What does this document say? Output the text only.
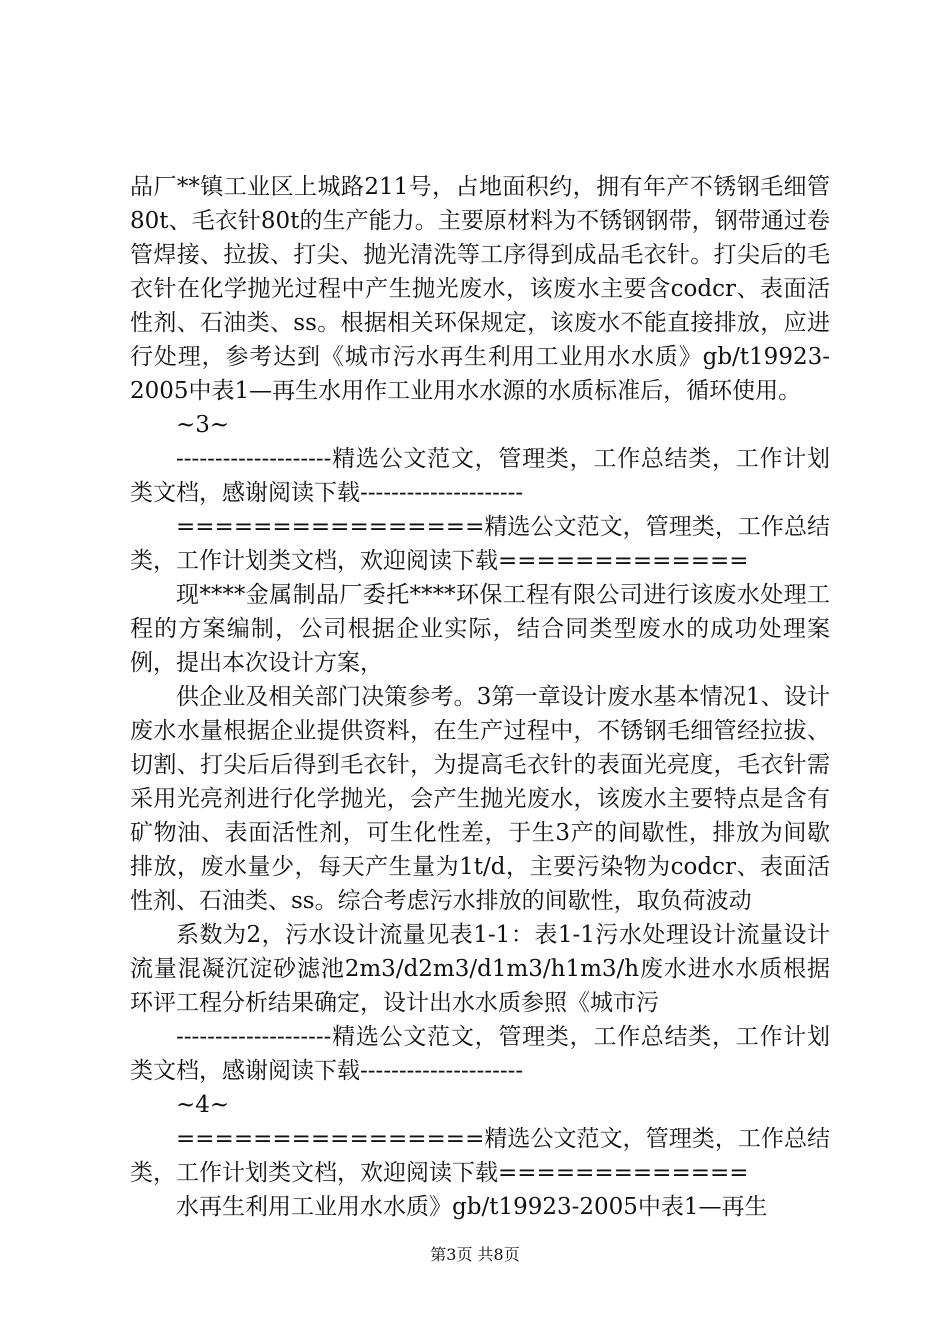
品厂**镇工业区上城路211号，占地面积约，拥有年产不锈钢毛细管80t、毛衣针80t的生产能力。主要原材料为不锈钢钢带，钢带通过卷管焊接、拉拔、打尖、抛光清洗等工序得到成品毛衣针。打尖后的毛衣针在化学抛光过程中产生抛光废水，该废水主要含codcr、表面活性剂、石油类、ss。根据相关环保规定，该废水不能直接排放，应进行处理，参考达到《城市污水再生利用工业用水水质》gb/t19923-2005中表1—再生水用作工业用水水源的水质标准后，循环使用。

~3~

--------------------精选公文范文，管理类，工作总结类，工作计划类文档，感谢阅读下载---------------------

================精选公文范文，管理类，工作总结类，工作计划类文档，欢迎阅读下载=============

现****金属制品厂委托****环保工程有限公司进行该废水处理工程的方案编制，公司根据企业实际，结合同类型废水的成功处理案例，提出本次设计方案，

供企业及相关部门决策参考。3第一章设计废水基本情况1、设计废水水量根据企业提供资料，在生产过程中，不锈钢毛细管经拉拔、切割、打尖后后得到毛衣针，为提高毛衣针的表面光亮度，毛衣针需采用光亮剂进行化学抛光，会产生抛光废水，该废水主要特点是含有矿物油、表面活性剂，可生化性差，于生3产的间歇性，排放为间歇排放，废水量少，每天产生量为1t/d，主要污染物为codcr、表面活性剂、石油类、ss。综合考虑污水排放的间歇性，取负荷波动

系数为2，污水设计流量见表1-1：表1-1污水处理设计流量设计流量混凝沉淀砂滤池2m3/d2m3/d1m3/h1m3/h废水进水水质根据环评工程分析结果确定，设计出水水质参照《城市污

--------------------精选公文范文，管理类，工作总结类，工作计划类文档，感谢阅读下载---------------------

~4~

================精选公文范文，管理类，工作总结类，工作计划类文档，欢迎阅读下载=============

水再生利用工业用水水质》gb/t19923-2005中表1—再生

第3页 共8页
